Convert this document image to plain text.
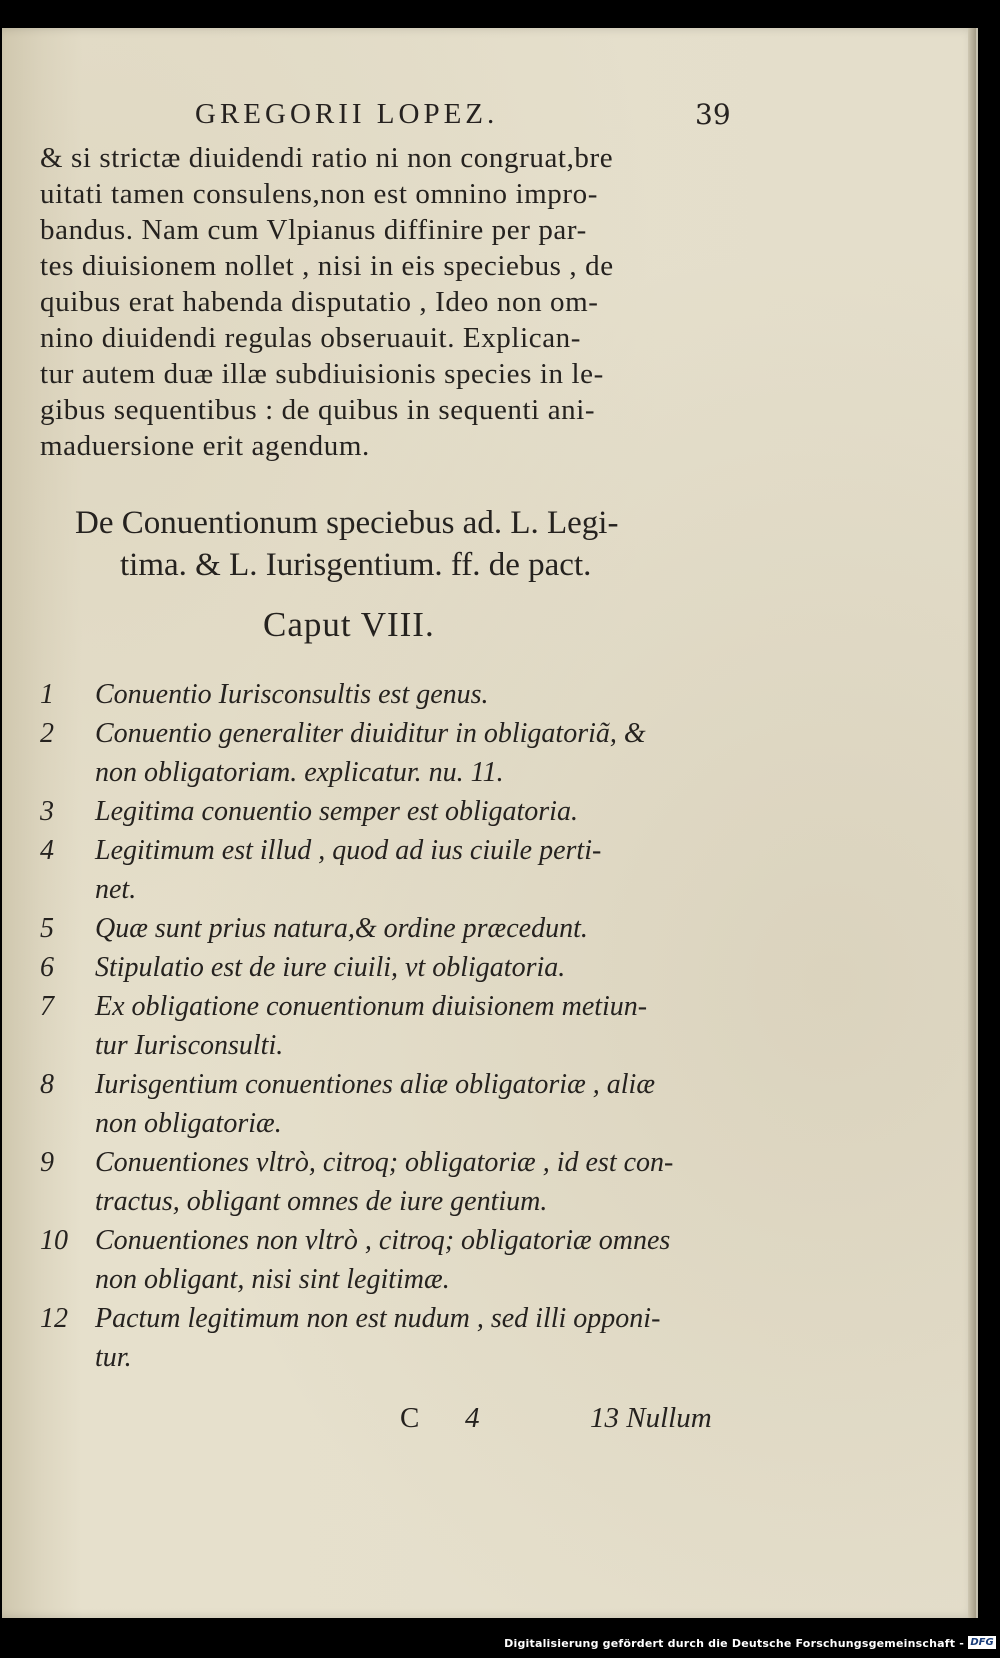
GREGORII LOPEZ.	39
& si strictæ diuidendi ratio ni non congruat,bre
uitati tamen consulens,non est omnino impro-
bandus. Nam cum Vlpianus diffinire per par-
tes diuisionem nollet , nisi in eis speciebus , de
quibus erat habenda disputatio , Ideo non om-
nino diuidendi regulas obseruauit. Explican-
tur autem duæ illæ subdiuisionis species in le-
gibus sequentibus : de quibus in sequenti ani-
maduersione erit agendum.
De Conuentionum speciebus ad. L. Legi-
tima. & L. Iurisgentium. ff. de pact.
Caput VIII.
1	Conuentio Iurisconsultis est genus.
2	Conuentio generaliter diuiditur in obligatoriã, &
non obligatoriam. explicatur. nu. 11.
3	Legitima conuentio semper est obligatoria.
4	Legitimum est illud , quod ad ius ciuile perti-
net.
5	Quæ sunt prius natura,& ordine præcedunt.
6	Stipulatio est de iure ciuili, vt obligatoria.
7	Ex obligatione conuentionum diuisionem metiun-
tur Iurisconsulti.
8	Iurisgentium conuentiones aliæ obligatoriæ , aliæ
non obligatoriæ.
9	Conuentiones vltrò, citroq; obligatoriæ , id est con-
tractus, obligant omnes de iure gentium.
10 Conuentiones non vltrò , citroq; obligatoriæ omnes
non obligant, nisi sint legitimæ.
12 Pactum legitimum non est nudum , sed illi opponi-
tur.
C 4	13 Nullum
Digitalisierung gefördert durch die Deutsche Forschungsgemeinschaft - DFG
